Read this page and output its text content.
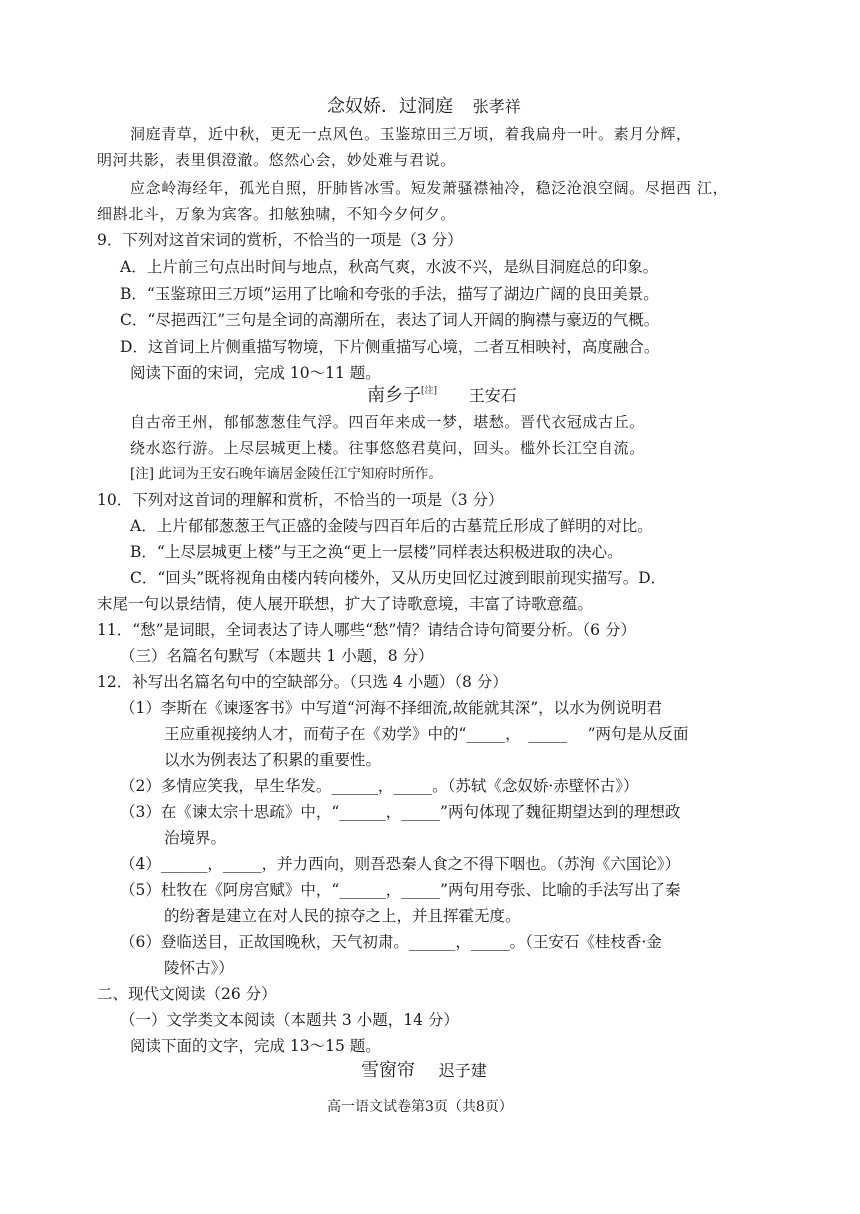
念奴娇．过洞庭 张孝祥
洞庭青草，近中秋，更无一点风色。玉鉴琼田三万顷，着我扁舟一叶。素月分辉，
明河共影，表里俱澄澈。悠然心会，妙处难与君说。
应念岭海经年，孤光自照，肝肺皆冰雪。短发萧骚襟袖冷，稳泛沧浪空阔。尽挹西 江，
细斟北斗，万象为宾客。扣舷独啸，不知今夕何夕。
9．下列对这首宋词的赏析，不恰当的一项是（3 分）
A．上片前三句点出时间与地点，秋高气爽，水波不兴，是纵目洞庭总的印象。
B．“玉鉴琼田三万顷”运用了比喻和夸张的手法，描写了湖边广阔的良田美景。
C．“尽挹西江”三句是全词的高潮所在，表达了词人开阔的胸襟与豪迈的气概。
D．这首词上片侧重描写物境，下片侧重描写心境，二者互相映衬，高度融合。
阅读下面的宋词，完成 10～11 题。
南乡子[注] 王安石
自古帝王州，郁郁葱葱佳气浮。四百年来成一梦，堪愁。晋代衣冠成古丘。
绕水恣行游。上尽层城更上楼。往事悠悠君莫问，回头。槛外长江空自流。
[注] 此词为王安石晚年谪居金陵任江宁知府时所作。
10．下列对这首词的理解和赏析，不恰当的一项是（3 分）
A．上片郁郁葱葱王气正盛的金陵与四百年后的古墓荒丘形成了鲜明的对比。
B．“上尽层城更上楼”与王之涣“更上一层楼”同样表达积极进取的决心。
C．“回头”既将视角由楼内转向楼外，又从历史回忆过渡到眼前现实描写。D．
末尾一句以景结情，使人展开联想，扩大了诗歌意境，丰富了诗歌意蕴。
11．“愁”是词眼，全词表达了诗人哪些“愁”情？请结合诗句简要分析。（6 分）
（三）名篇名句默写（本题共 1 小题，8 分）
12．补写出名篇名句中的空缺部分。（只选 4 小题）（8 分）
（1）李斯在《谏逐客书》中写道“河海不择细流,故能就其深”，以水为例说明君
王应重视接纳人才，而荀子在《劝学》中的“_____，　_____　 ”两句是从反面
以水为例表达了积累的重要性。
（2）多情应笑我，早生华发。______，_____。（苏轼《念奴娇·赤壁怀古》）
（3）在《谏太宗十思疏》中，“______，_____”两句体现了魏征期望达到的理想政
治境界。
（4）______，_____，并力西向，则吾恐秦人食之不得下咽也。（苏洵《六国论》）
（5）杜牧在《阿房宫赋》中，“______，_____”两句用夸张、比喻的手法写出了秦
的纷奢是建立在对人民的掠夺之上，并且挥霍无度。
（6）登临送目，正故国晚秋，天气初肃。______，_____。（王安石《桂枝香·金
陵怀古》）
二、现代文阅读（26 分）
（一）文学类文本阅读（本题共 3 小题，14 分）
阅读下面的文字，完成 13～15 题。
雪窗帘 迟子建
高一语文试卷第3页（共8页）
